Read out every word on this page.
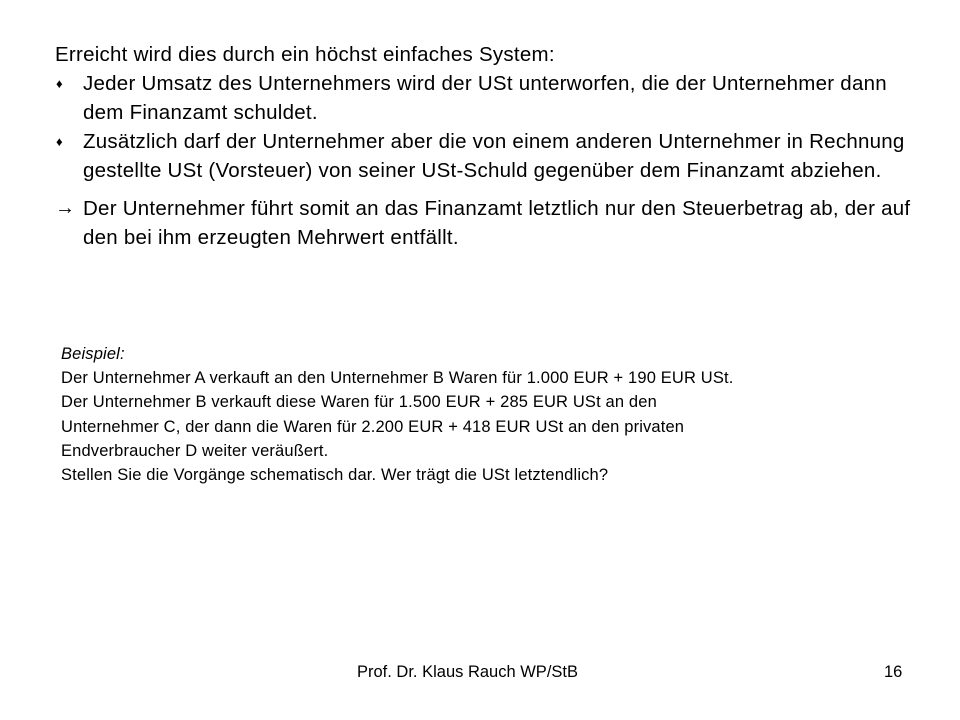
Erreicht wird dies durch ein höchst einfaches System:

♦ Jeder Umsatz des Unternehmers wird der USt unterworfen, die der Unternehmer dann dem Finanzamt schuldet.
♦ Zusätzlich darf der Unternehmer aber die von einem anderen Unternehmer in Rechnung gestellte USt (Vorsteuer) von seiner USt-Schuld gegenüber dem Finanzamt abziehen.
→ Der Unternehmer führt somit an das Finanzamt letztlich nur den Steuerbetrag ab, der auf den bei ihm erzeugten Mehrwert entfällt.

Beispiel:

Der Unternehmer A verkauft an den Unternehmer B Waren für 1.000 EUR + 190 EUR USt.

Der Unternehmer B verkauft diese Waren für 1.500 EUR + 285 EUR USt an den

Unternehmer C, der dann die Waren für 2.200 EUR + 418 EUR USt an den privaten

Endverbraucher D weiter veräußert.

Stellen Sie die Vorgänge schematisch dar. Wer trägt die USt letztendlich?

Prof. Dr. Klaus Rauch WP/StB	16
